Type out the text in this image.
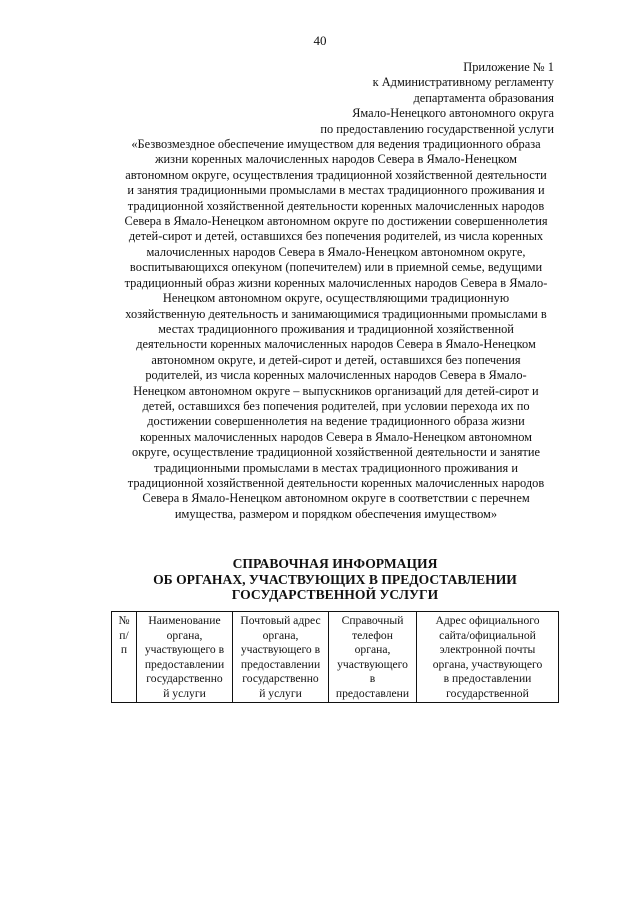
40
Приложение № 1
к Административному регламенту
департамента образования
Ямало-Ненецкого автономного округа
по предоставлению государственной услуги
«Безвозмездное обеспечение имуществом для ведения традиционного образа
жизни коренных малочисленных народов Севера в Ямало-Ненецком
автономном округе, осуществления традиционной хозяйственной деятельности
и занятия традиционными промыслами в местах традиционного проживания и
традиционной хозяйственной деятельности коренных малочисленных народов
Севера в Ямало-Ненецком автономном округе по достижении совершеннолетия
детей-сирот и детей, оставшихся без попечения родителей, из числа коренных
малочисленных народов Севера в Ямало-Ненецком автономном округе,
воспитывающихся опекуном (попечителем) или в приемной семье, ведущими
традиционный образ жизни коренных малочисленных народов Севера в Ямало-
Ненецком автономном округе, осуществляющими традиционную
хозяйственную деятельность и занимающимися традиционными промыслами в
местах традиционного проживания и традиционной хозяйственной
деятельности коренных малочисленных народов Севера в Ямало-Ненецком
автономном округе, и детей-сирот и детей, оставшихся без попечения
родителей, из числа коренных малочисленных народов Севера в Ямало-
Ненецком автономном округе – выпускников организаций для детей-сирот и
детей, оставшихся без попечения родителей, при условии перехода их по
достижении совершеннолетия на ведение традиционного образа жизни
коренных малочисленных народов Севера в Ямало-Ненецком автономном
округе, осуществление традиционной хозяйственной деятельности и занятие
традиционными промыслами в местах традиционного проживания и
традиционной хозяйственной деятельности коренных малочисленных народов
Севера в Ямало-Ненецком автономном округе в соответствии с перечнем
имущества, размером и порядком обеспечения имуществом»
СПРАВОЧНАЯ ИНФОРМАЦИЯ
ОБ ОРГАНАХ, УЧАСТВУЮЩИХ В ПРЕДОСТАВЛЕНИИ
ГОСУДАРСТВЕННОЙ УСЛУГИ
№
п/
п

Наименование
органа,
участвующего в
предоставлении
государственно
й услуги

Почтовый адрес
органа,
участвующего в
предоставлении
государственно
й услуги

Справочный
телефон
органа,
участвующего
в
предоставлени

Адрес официального
сайта/официальной
электронной почты
органа, участвующего
в предоставлении
государственной
